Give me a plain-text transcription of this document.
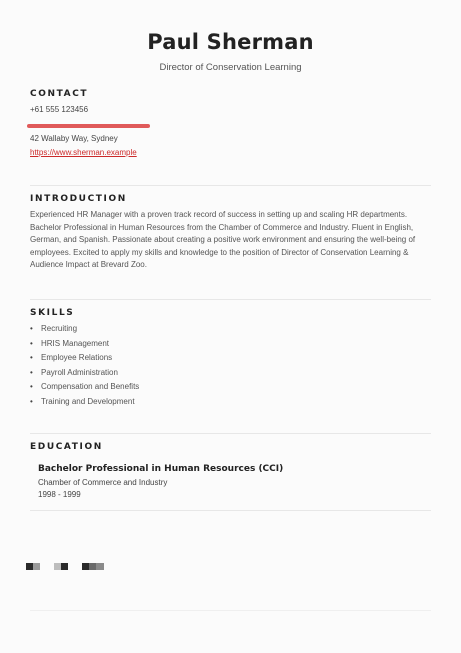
Paul Sherman
Director of Conservation Learning
CONTACT
+61 555 123456
42 Wallaby Way, Sydney
https://www.sherman.example
INTRODUCTION
Experienced HR Manager with a proven track record of success in setting up and scaling HR departments. Bachelor Professional in Human Resources from the Chamber of Commerce and Industry. Fluent in English, German, and Spanish. Passionate about creating a positive work environment and ensuring the well-being of employees. Excited to apply my skills and knowledge to the position of Director of Conservation Learning & Audience Impact at Brevard Zoo.
SKILLS
• Recruiting
• HRIS Management
• Employee Relations
• Payroll Administration
• Compensation and Benefits
• Training and Development
EDUCATION
Bachelor Professional in Human Resources (CCI)
Chamber of Commerce and Industry
1998 - 1999
